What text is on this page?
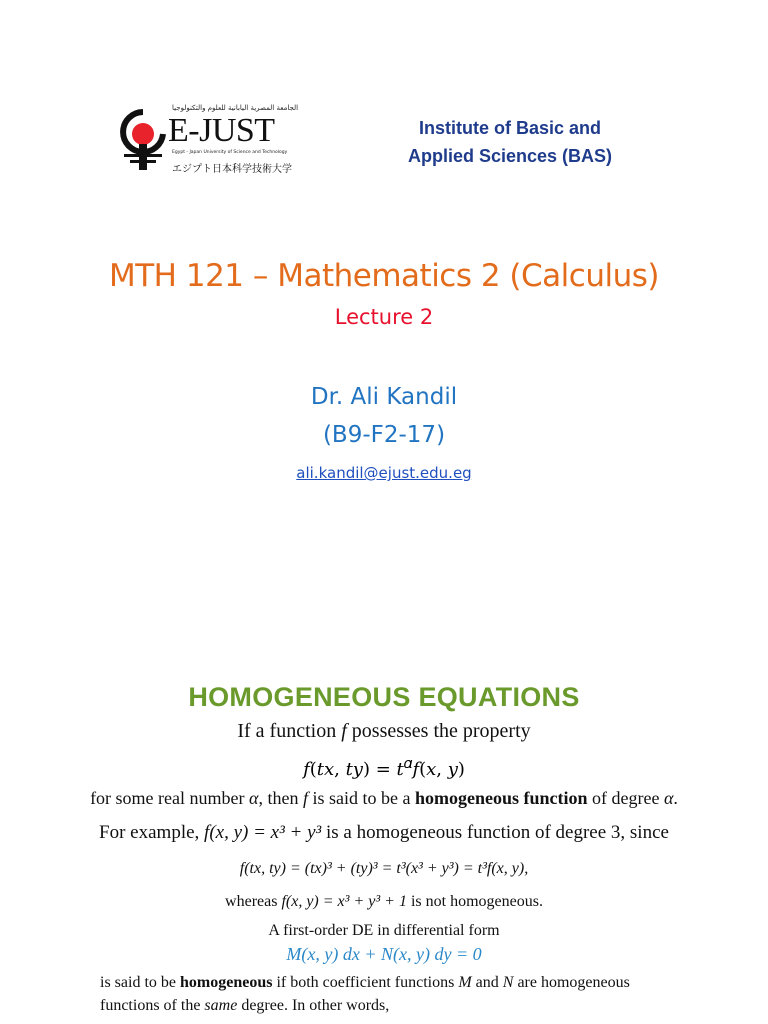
الجامعة المصرية اليابانية للعلوم والتكنولوجيا
E-JUST
Egypt - Japan University of Science and Technology
エジプト日本科学技術大学
Institute of Basic and
Applied Sciences (BAS)
MTH 121 – Mathematics 2 (Calculus)
Lecture 2
Dr. Ali Kandil
(B9-F2-17)
ali.kandil@ejust.edu.eg
HOMOGENEOUS EQUATIONS
If a function f possesses the property
𝑓(𝑡𝑥, 𝑡𝑦) = 𝑡$^𝛼$𝑓(𝑥, 𝑦)
for some real number α, then f is said to be a homogeneous function of degree α.
For example, f(x, y) = x³ + y³ is a homogeneous function of degree 3, since
f(tx, ty) = (tx)³ + (ty)³ = t³(x³ + y³) = t³f(x, y),
whereas f(x, y) = x³ + y³ + 1 is not homogeneous.
A first-order DE in differential form
M(x, y) dx + N(x, y) dy = 0
is said to be homogeneous if both coefficient functions M and N are homogeneous
functions of the same degree. In other words,
